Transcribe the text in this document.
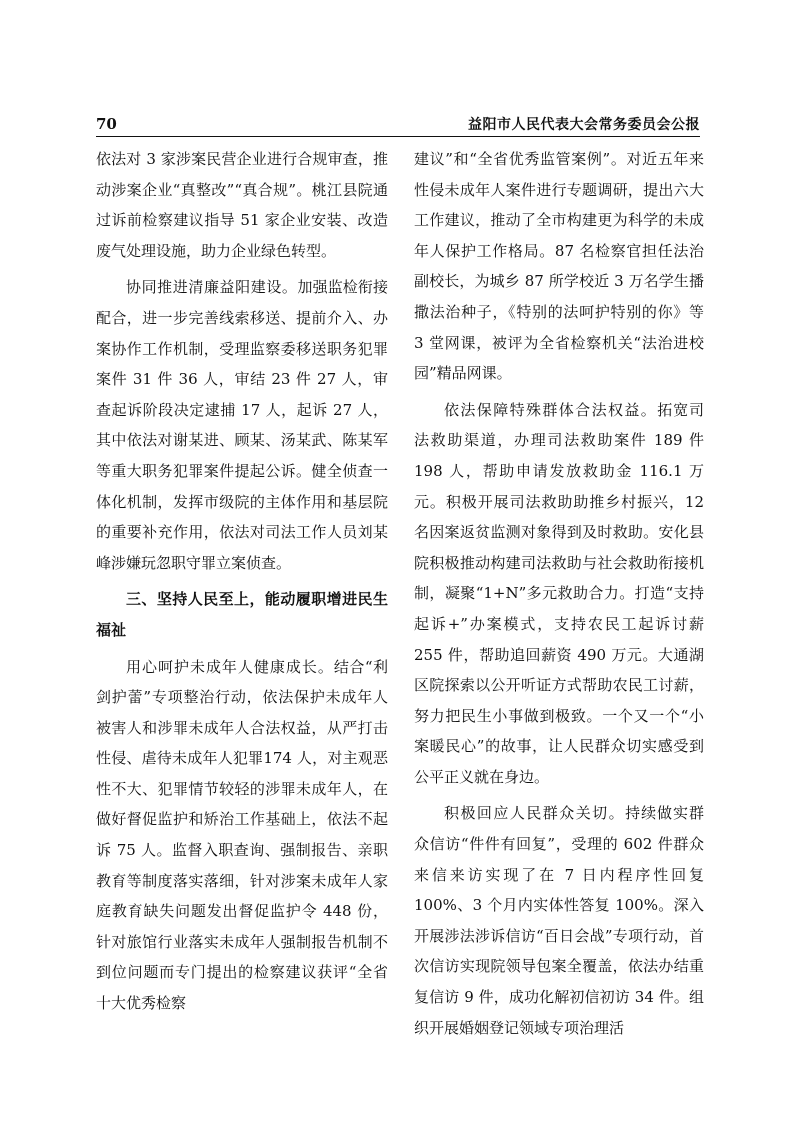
70	益阳市人民代表大会常务委员会公报

依法对 3 家涉案民营企业进行合规审查，推动涉案企业“真整改”“真合规”。桃江县院通过诉前检察建议指导 51 家企业安装、改造废气处理设施，助力企业绿色转型。

协同推进清廉益阳建设。加强监检衔接配合，进一步完善线索移送、提前介入、办案协作工作机制，受理监察委移送职务犯罪案件 31 件 36 人，审结 23 件 27 人，审查起诉阶段决定逮捕 17 人，起诉 27 人，其中依法对谢某进、顾某、汤某武、陈某军等重大职务犯罪案件提起公诉。健全侦查一体化机制，发挥市级院的主体作用和基层院的重要补充作用，依法对司法工作人员刘某峰涉嫌玩忽职守罪立案侦查。

三、坚持人民至上，能动履职增进民生福祉

用心呵护未成年人健康成长。结合“利剑护蕾”专项整治行动，依法保护未成年人被害人和涉罪未成年人合法权益，从严打击性侵、虐待未成年人犯罪174 人，对主观恶性不大、犯罪情节较轻的涉罪未成年人，在做好督促监护和矫治工作基础上，依法不起诉 75 人。监督入职查询、强制报告、亲职教育等制度落实落细，针对涉案未成年人家庭教育缺失问题发出督促监护令 448 份，针对旅馆行业落实未成年人强制报告机制不到位问题而专门提出的检察建议获评“全省十大优秀检察

建议”和“全省优秀监管案例”。对近五年来性侵未成年人案件进行专题调研，提出六大工作建议，推动了全市构建更为科学的未成年人保护工作格局。87 名检察官担任法治副校长，为城乡 87 所学校近 3 万名学生播撒法治种子，《特别的法呵护特别的你》等 3 堂网课，被评为全省检察机关“法治进校园”精品网课。

依法保障特殊群体合法权益。拓宽司法救助渠道，办理司法救助案件 189 件 198 人，帮助申请发放救助金 116.1 万元。积极开展司法救助助推乡村振兴，12 名因案返贫监测对象得到及时救助。安化县院积极推动构建司法救助与社会救助衔接机制，凝聚“1+N”多元救助合力。打造“支持起诉+”办案模式，支持农民工起诉讨薪 255 件，帮助追回薪资 490 万元。大通湖区院探索以公开听证方式帮助农民工讨薪，努力把民生小事做到极致。一个又一个“小案暖民心”的故事，让人民群众切实感受到公平正义就在身边。

积极回应人民群众关切。持续做实群众信访“件件有回复”，受理的 602 件群众来信来访实现了在 7 日内程序性回复100%、3 个月内实体性答复 100%。深入开展涉法涉诉信访“百日会战”专项行动，首次信访实现院领导包案全覆盖，依法办结重复信访 9 件，成功化解初信初访 34 件。组织开展婚姻登记领域专项治理活
